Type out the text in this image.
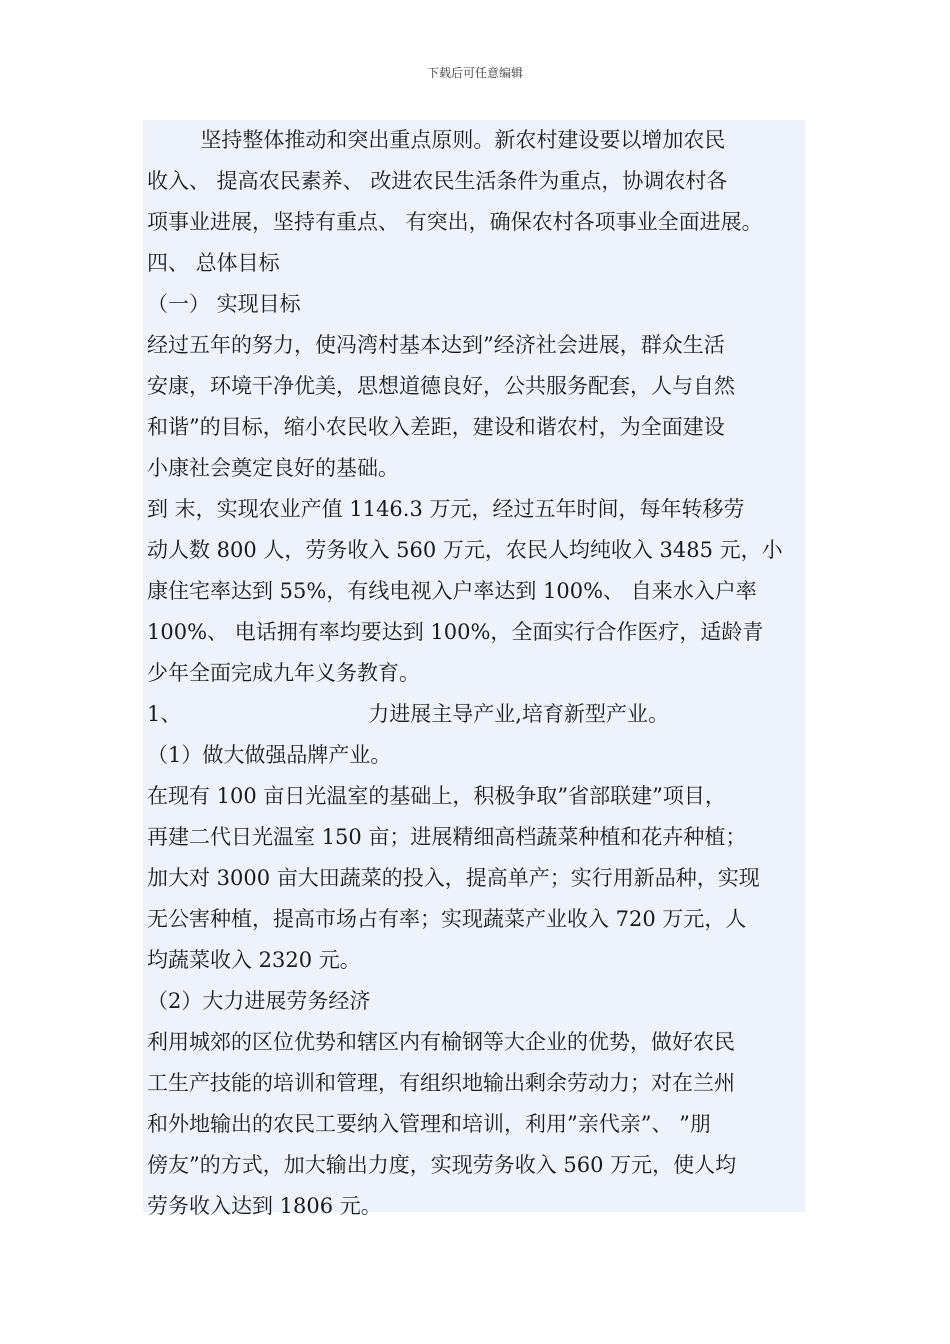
下载后可任意编辑
坚持整体推动和突出重点原则。新农村建设要以增加农民
收入、 提高农民素养、 改进农民生活条件为重点，协调农村各
项事业进展，坚持有重点、 有突出，确保农村各项事业全面进展。
四、 总体目标
（一） 实现目标
经过五年的努力，使冯湾村基本达到”经济社会进展，群众生活
安康，环境干净优美，思想道德良好，公共服务配套，人与自然
和谐”的目标，缩小农民收入差距，建设和谐农村，为全面建设
小康社会奠定良好的基础。
到 末，实现农业产值 1146.3 万元，经过五年时间，每年转移劳
动人数 800 人，劳务收入 560 万元，农民人均纯收入 3485 元，小
康住宅率达到 55%，有线电视入户率达到 100%、 自来水入户率
100%、 电话拥有率均要达到 100%，全面实行合作医疗，适龄青
少年全面完成九年义务教育。
1、                            力进展主导产业,培育新型产业。
（1）做大做强品牌产业。
在现有 100 亩日光温室的基础上，积极争取”省部联建”项目，
再建二代日光温室 150 亩；进展精细高档蔬菜种植和花卉种植；
加大对 3000 亩大田蔬菜的投入，提高单产；实行用新品种，实现
无公害种植，提高市场占有率；实现蔬菜产业收入 720 万元，人
均蔬菜收入 2320 元。
（2）大力进展劳务经济
利用城郊的区位优势和辖区内有榆钢等大企业的优势，做好农民
工生产技能的培训和管理，有组织地输出剩余劳动力；对在兰州
和外地输出的农民工要纳入管理和培训，利用”亲代亲”、 ”朋
傍友”的方式，加大输出力度，实现劳务收入 560 万元，使人均
劳务收入达到 1806 元。
